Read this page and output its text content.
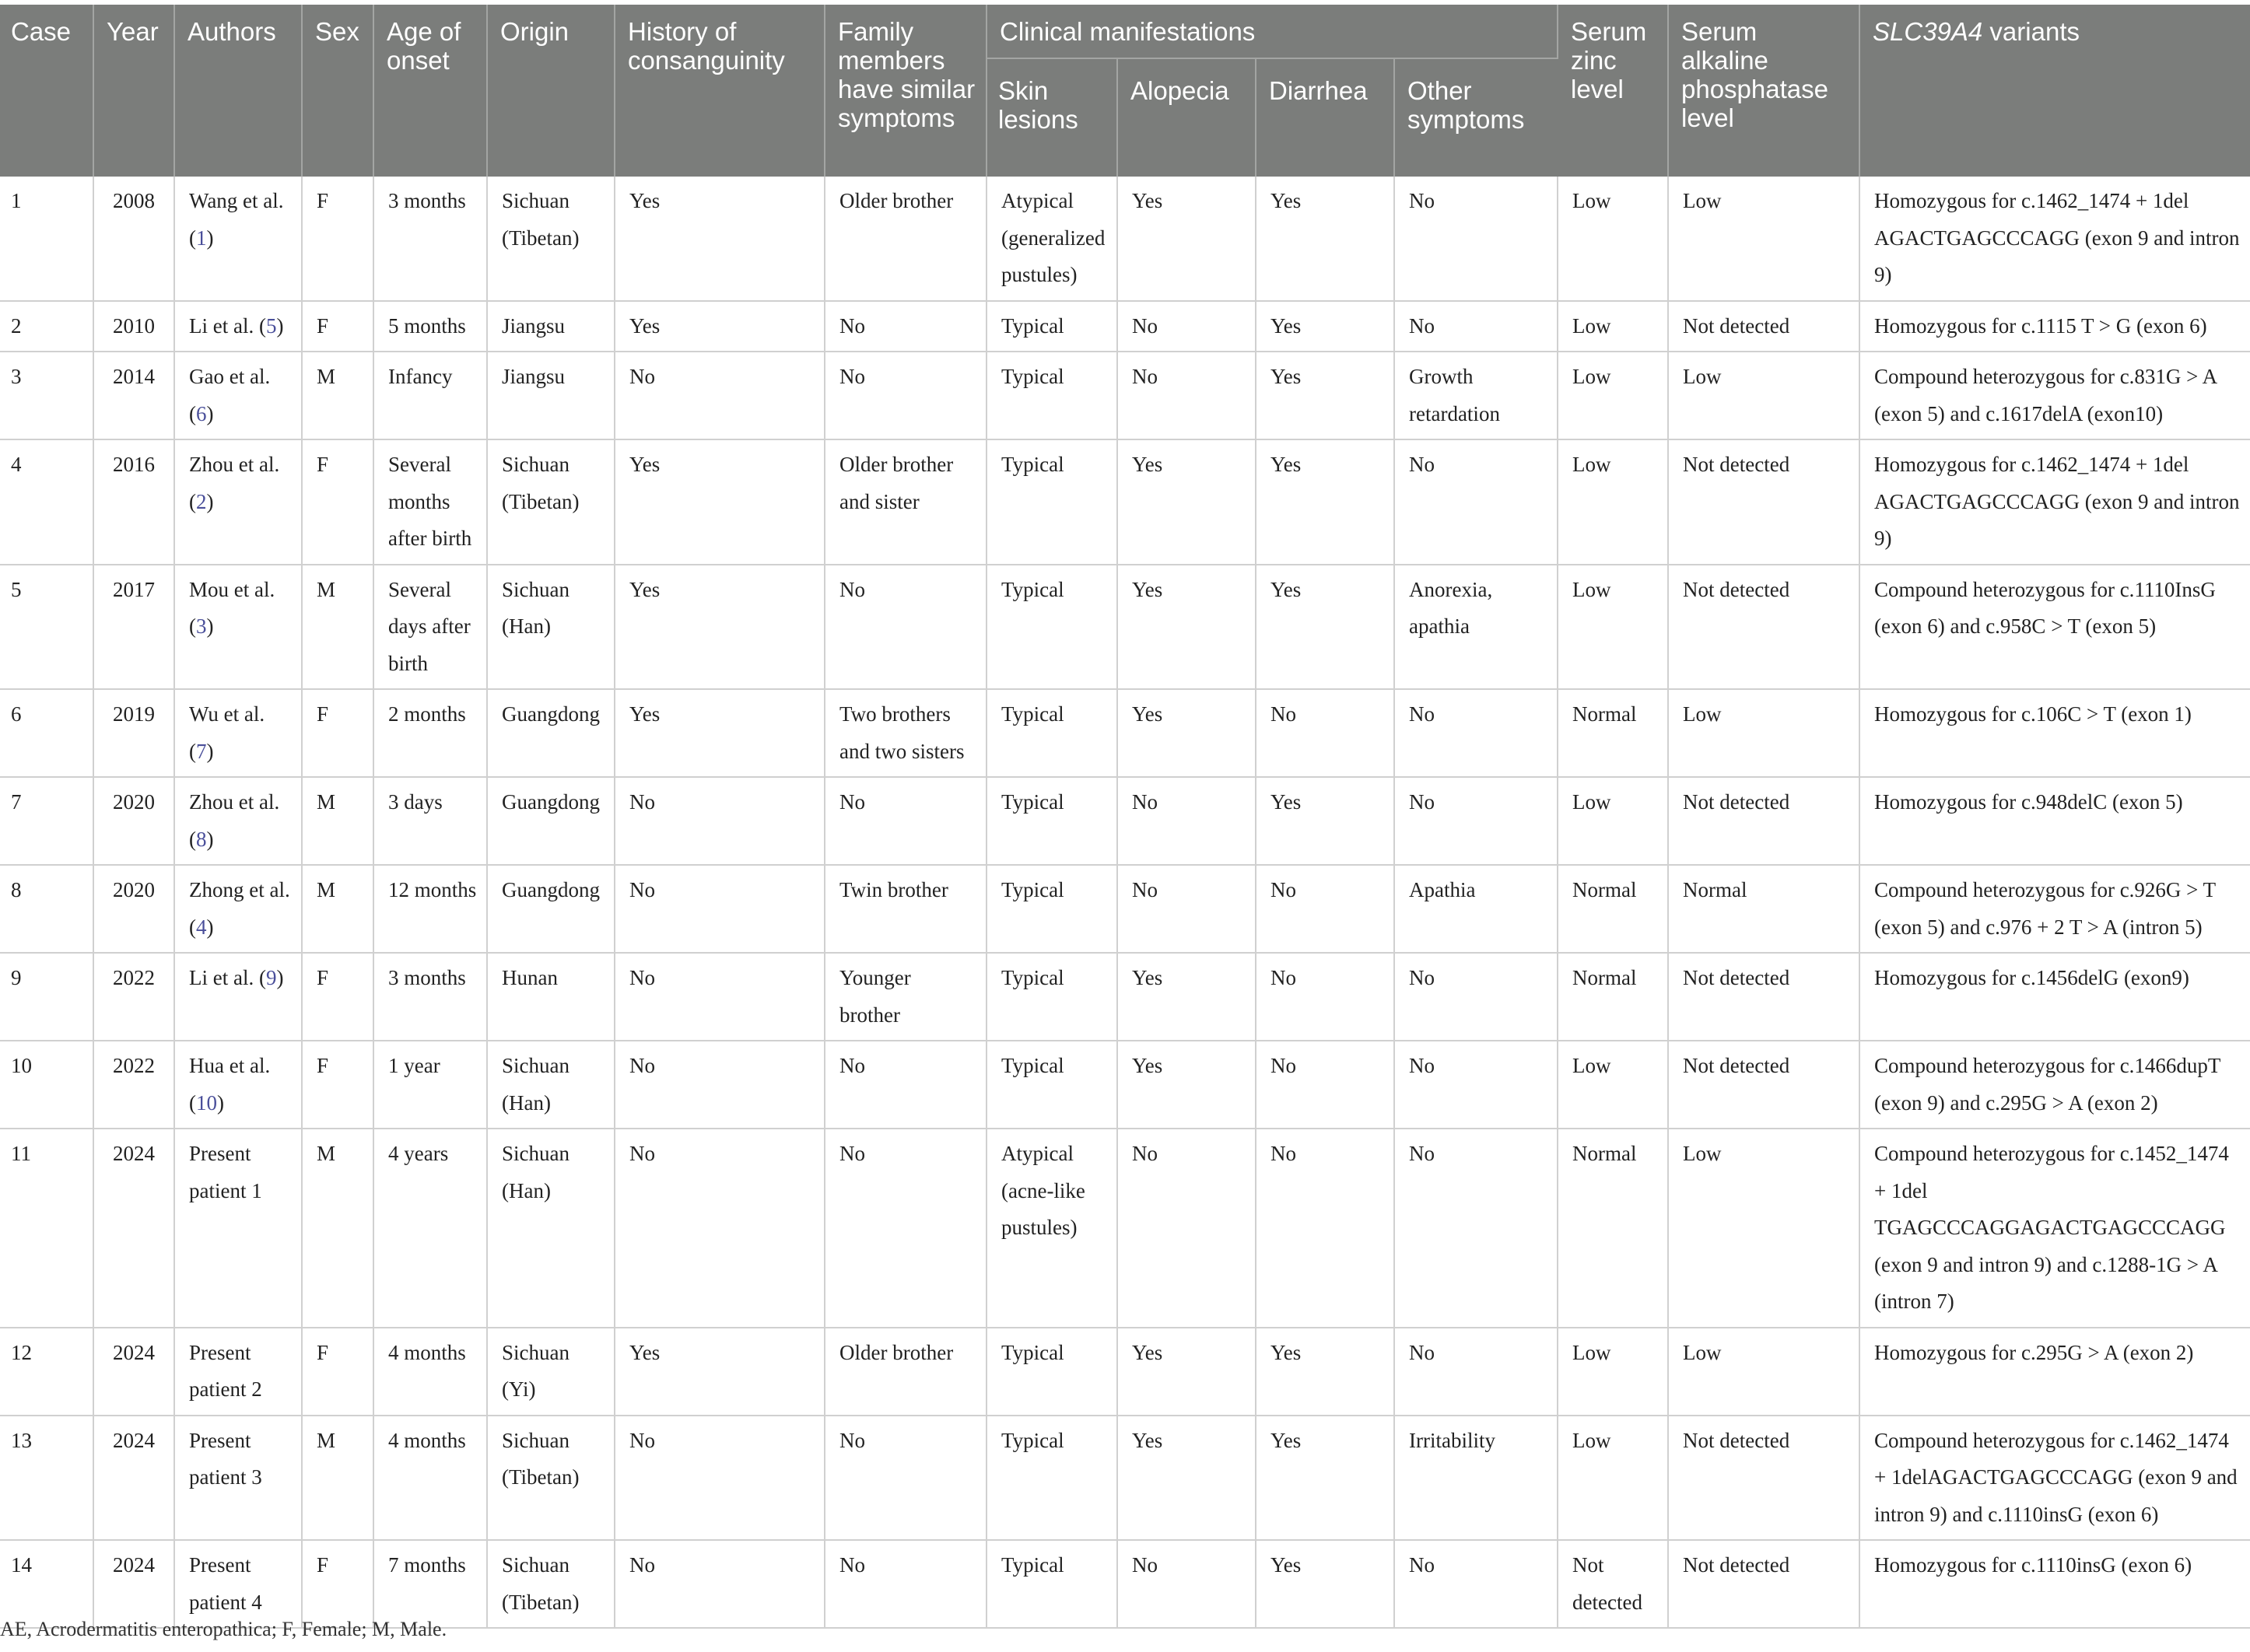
Case	Year	Authors	Sex	Age of onset	Origin	History of consanguinity	Family members have similar symptoms	Clinical manifestations				Serum zinc level	Serum alkaline phosphatase level	SLC39A4 variants
								Skin lesions	Alopecia	Diarrhea	Other symptoms			
1	2008	Wang et al. (1)	F	3 months	Sichuan (Tibetan)	Yes	Older brother	Atypical (generalized pustules)	Yes	Yes	No	Low	Low	Homozygous for c.1462_1474 + 1del AGACTGAGCCCAGG (exon 9 and intron 9)
2	2010	Li et al. (5)	F	5 months	Jiangsu	Yes	No	Typical	No	Yes	No	Low	Not detected	Homozygous for c.1115 T > G (exon 6)
3	2014	Gao et al. (6)	M	Infancy	Jiangsu	No	No	Typical	No	Yes	Growth retardation	Low	Low	Compound heterozygous for c.831G > A (exon 5) and c.1617delA (exon10)
4	2016	Zhou et al. (2)	F	Several months after birth	Sichuan (Tibetan)	Yes	Older brother and sister	Typical	Yes	Yes	No	Low	Not detected	Homozygous for c.1462_1474 + 1del AGACTGAGCCCAGG (exon 9 and intron 9)
5	2017	Mou et al. (3)	M	Several days after birth	Sichuan (Han)	Yes	No	Typical	Yes	Yes	Anorexia, apathia	Low	Not detected	Compound heterozygous for c.1110InsG (exon 6) and c.958C > T (exon 5)
6	2019	Wu et al. (7)	F	2 months	Guangdong	Yes	Two brothers and two sisters	Typical	Yes	No	No	Normal	Low	Homozygous for c.106C > T (exon 1)
7	2020	Zhou et al. (8)	M	3 days	Guangdong	No	No	Typical	No	Yes	No	Low	Not detected	Homozygous for c.948delC (exon 5)
8	2020	Zhong et al. (4)	M	12 months	Guangdong	No	Twin brother	Typical	No	No	Apathia	Normal	Normal	Compound heterozygous for c.926G > T (exon 5) and c.976 + 2 T > A (intron 5)
9	2022	Li et al. (9)	F	3 months	Hunan	No	Younger brother	Typical	Yes	No	No	Normal	Not detected	Homozygous for c.1456delG (exon9)
10	2022	Hua et al. (10)	F	1 year	Sichuan (Han)	No	No	Typical	Yes	No	No	Low	Not detected	Compound heterozygous for c.1466dupT (exon 9) and c.295G > A (exon 2)
11	2024	Present patient 1	M	4 years	Sichuan (Han)	No	No	Atypical (acne-like pustules)	No	No	No	Normal	Low	Compound heterozygous for c.1452_1474 + 1del TGAGCCCAGGAGACTGAGCCCAGG (exon 9 and intron 9) and c.1288-1G > A (intron 7)
12	2024	Present patient 2	F	4 months	Sichuan (Yi)	Yes	Older brother	Typical	Yes	Yes	No	Low	Low	Homozygous for c.295G > A (exon 2)
13	2024	Present patient 3	M	4 months	Sichuan (Tibetan)	No	No	Typical	Yes	Yes	Irritability	Low	Not detected	Compound heterozygous for c.1462_1474 + 1delAGACTGAGCCCAGG (exon 9 and intron 9) and c.1110insG (exon 6)
14	2024	Present patient 4	F	7 months	Sichuan (Tibetan)	No	No	Typical	No	Yes	No	Not detected	Not detected	Homozygous for c.1110insG (exon 6)
AE, Acrodermatitis enteropathica; F, Female; M, Male.
